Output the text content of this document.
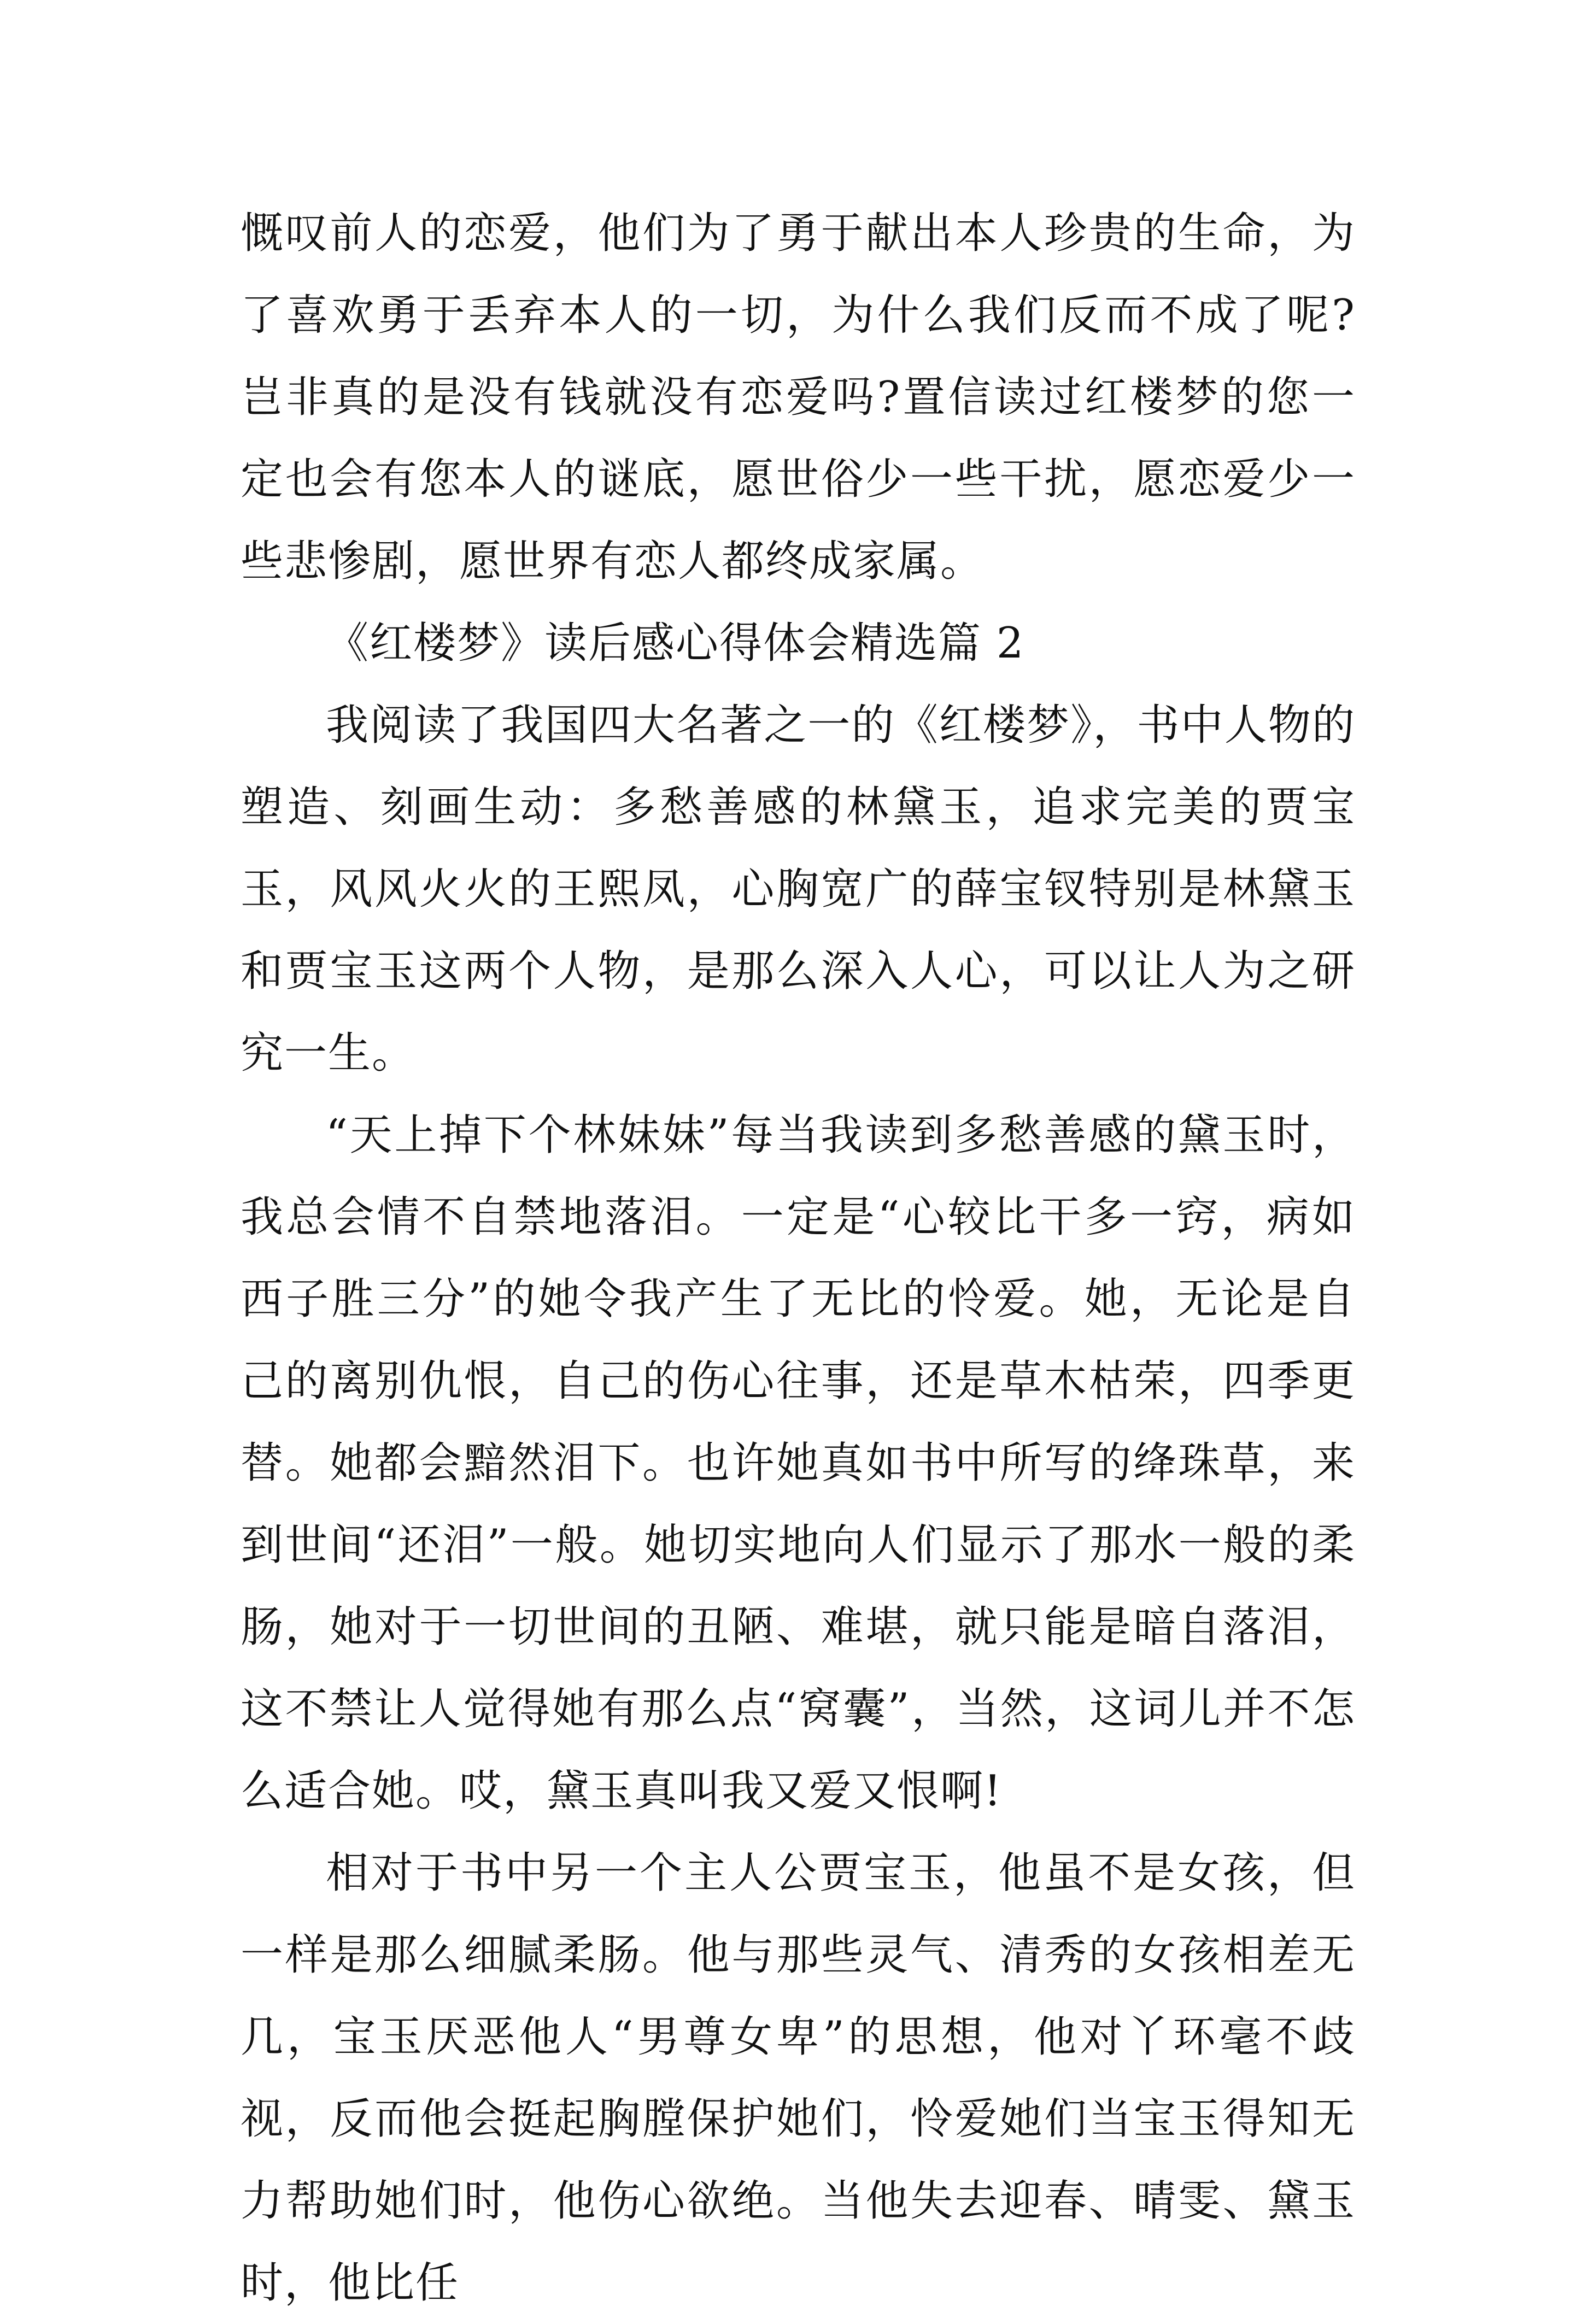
慨叹前人的恋爱，他们为了勇于献出本人珍贵的生命，为了喜欢勇于丢弃本人的一切，为什么我们反而不成了呢?岂非真的是没有钱就没有恋爱吗?置信读过红楼梦的您一定也会有您本人的谜底，愿世俗少一些干扰，愿恋爱少一些悲惨剧，愿世界有恋人都终成家属。

《红楼梦》读后感心得体会精选篇 2

我阅读了我国四大名著之一的《红楼梦》，书中人物的塑造、刻画生动：多愁善感的林黛玉，追求完美的贾宝玉，风风火火的王熙凤，心胸宽广的薛宝钗特别是林黛玉和贾宝玉这两个人物，是那么深入人心，可以让人为之研究一生。

“天上掉下个林妹妹”每当我读到多愁善感的黛玉时，我总会情不自禁地落泪。一定是“心较比干多一窍，病如西子胜三分”的她令我产生了无比的怜爱。她，无论是自己的离别仇恨，自己的伤心往事，还是草木枯荣，四季更替。她都会黯然泪下。也许她真如书中所写的绛珠草，来到世间“还泪”一般。她切实地向人们显示了那水一般的柔肠，她对于一切世间的丑陋、难堪，就只能是暗自落泪，这不禁让人觉得她有那么点“窝囊”，当然，这词儿并不怎么适合她。哎，黛玉真叫我又爱又恨啊!

相对于书中另一个主人公贾宝玉，他虽不是女孩，但一样是那么细腻柔肠。他与那些灵气、清秀的女孩相差无几，宝玉厌恶他人“男尊女卑”的思想，他对丫环毫不歧视，反而他会挺起胸膛保护她们，怜爱她们当宝玉得知无力帮助她们时，他伤心欲绝。当他失去迎春、晴雯、黛玉时，他比任
